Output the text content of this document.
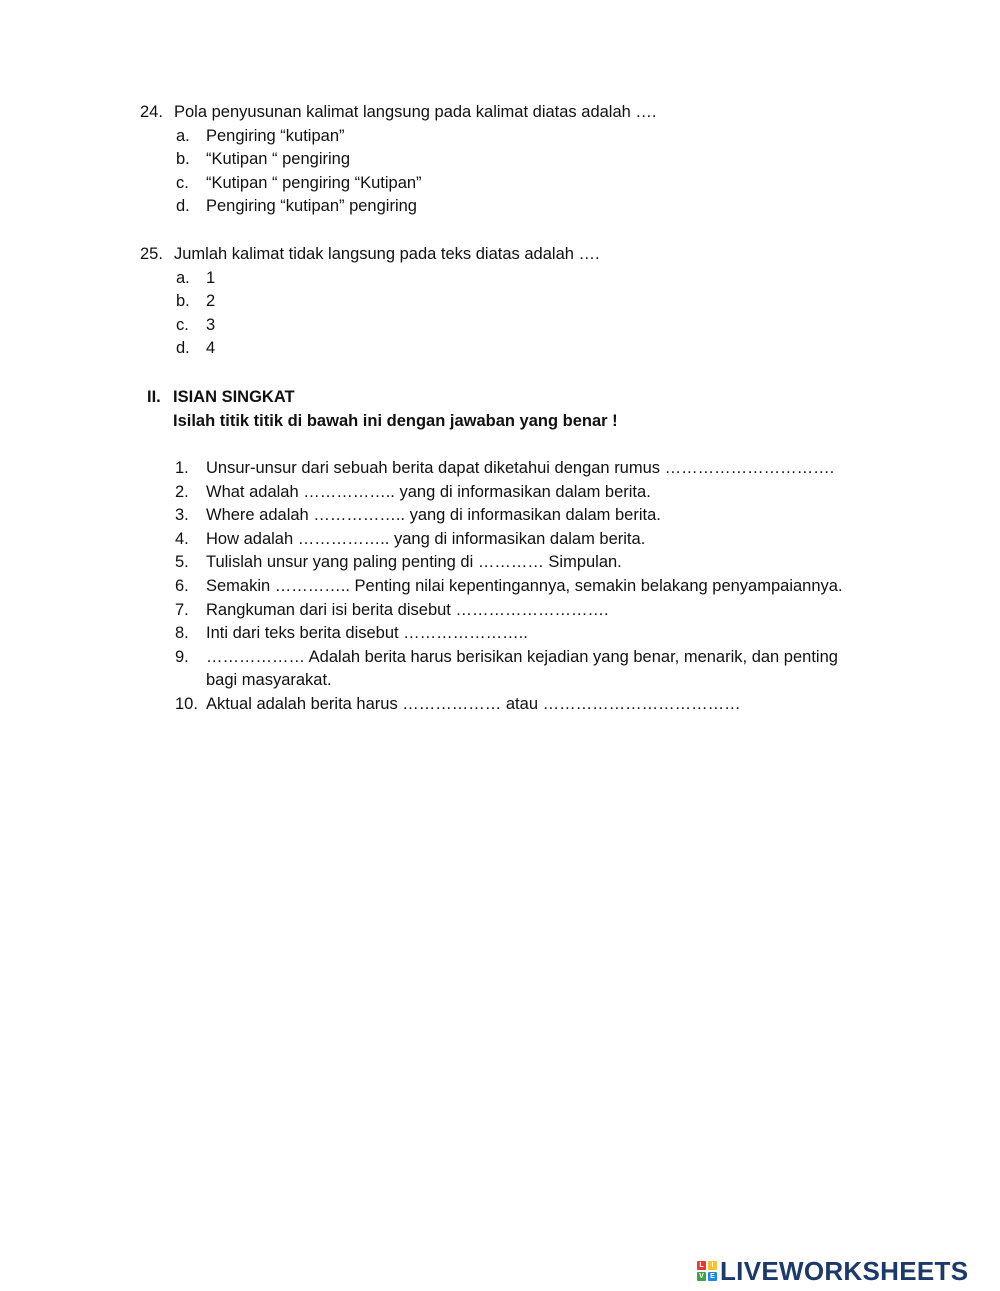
24. Pola penyusunan kalimat langsung pada kalimat diatas adalah ….
a. Pengiring “kutipan”
b. “Kutipan “ pengiring
c. “Kutipan “ pengiring “Kutipan”
d. Pengiring “kutipan” pengiring
25. Jumlah kalimat tidak langsung pada teks diatas adalah ….
a. 1
b. 2
c. 3
d. 4
II. ISIAN SINGKAT
Isilah titik titik di bawah ini dengan jawaban yang benar !
1. Unsur-unsur dari sebuah berita dapat diketahui dengan rumus ………………………….
2. What adalah …………….. yang di informasikan dalam berita.
3. Where adalah …………….. yang di informasikan dalam berita.
4. How adalah …………….. yang di informasikan dalam berita.
5. Tulislah unsur yang paling penting di ………… Simpulan.
6. Semakin ………….. Penting nilai kepentingannya, semakin belakang penyampaiannya.
7. Rangkuman dari isi berita disebut ……………………….
8. Inti dari teks berita disebut …………………..
9. ……………… Adalah berita harus berisikan kejadian yang benar, menarik, dan penting
bagi masyarakat.
10. Aktual adalah berita harus ……………… atau ………………………………
L	I
V E LIVEWORKSHEETS
